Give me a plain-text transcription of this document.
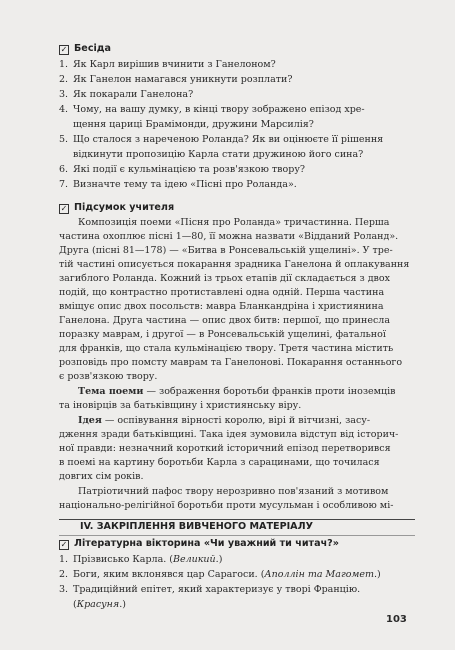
✓ Бесіда
1. Як Карл вирішив вчинити з Ганелоном?
2. Як Ганелон намагався уникнути розплати?
3. Як покарали Ганелона?
4. Чому, на вашу думку, в кінці твору зображено епізод хре-
щення цариці Брамімонди, дружини Марсилія?
5. Що сталося з нареченою Роланда? Як ви оцінюєте її рішення
відкинути пропозицію Карла стати дружиною його сина?
6. Які події є кульмінацією та розв'язкою твору?
7. Визначте тему та ідею «Пісні про Роланда».
✓ Підсумок учителя
Композиція поеми «Пісня про Роланда» тричастинна. Перша
частина охоплює пісні 1—80, її можна назвати «Відданий Роланд».
Друга (пісні 81—178) — «Битва в Ронсевальській ущелині». У тре-
тій частині описується покарання зрадника Ганелона й оплакування
загиблого Роланда. Кожний із трьох етапів дії складається з двох
подій, що контрастно протиставлені одна одній. Перша частина
вміщує опис двох посольств: мавра Бланкандріна і християнина
Ганелона. Друга частина — опис двох битв: першої, що принесла
поразку маврам, і другої — в Ронсевальській ущелині, фатальної
для франків, що стала кульмінацією твору. Третя частина містить
розповідь про помсту маврам та Ганелонові. Покарання останнього
є розв'язкою твору.
Тема поеми — зображення боротьби франків проти іноземців
та іновірців за батьківщину і християнську віру.
Ідея — оспівування вірності королю, вірі й вітчизні, засу-
дження зради батьківщині. Така ідея зумовила відступ від історич-
ної правди: незначний короткий історичний епізод перетворився
в поемі на картину боротьби Карла з сарацинами, що точилася
довгих сім років.
Патріотичний пафос твору нерозривно пов'язаний з мотивом
національно-релігійної боротьби проти мусульман і особливою мі-
IV. ЗАКРІПЛЕННЯ ВИВЧЕНОГО МАТЕРІАЛУ
✓ Літературна вікторина «Чи уважний ти читач?»
1. Прізвисько Карла. (Великий.)
2. Боги, яким вклонявся цар Сарагоси. (Аполлін та Магомет.)
3. Традиційний епітет, який характеризує у творі Францію.
(Красуня.)
103
